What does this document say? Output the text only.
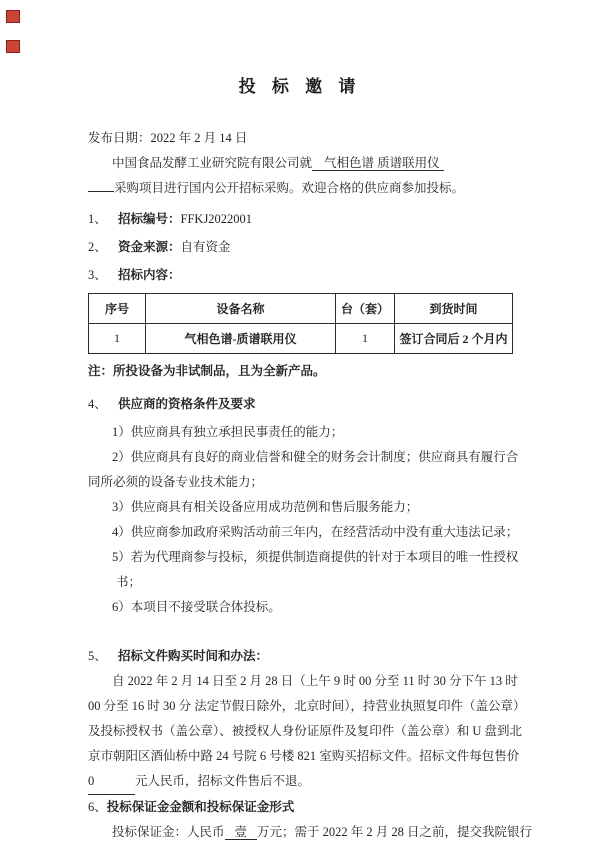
投 标 邀 请
发布日期：2022 年 2 月 14 日
中国食品发酵工业研究院有限公司就 气相色谱 质谱联用仪
采购项目进行国内公开招标采购。欢迎合格的供应商参加投标。
1、 招标编号：FFKJ2022001
2、 资金来源：自有资金
3、 招标内容：
序号	设备名称	台（套）	到货时间
1	气相色谱-质谱联用仪	1	签订合同后 2 个月内
注：所投设备为非试制品，且为全新产品。
4、 供应商的资格条件及要求
1）供应商具有独立承担民事责任的能力；
2）供应商具有良好的商业信誉和健全的财务会计制度；供应商具有履行合
同所必须的设备专业技术能力；
3）供应商具有相关设备应用成功范例和售后服务能力；
4）供应商参加政府采购活动前三年内，在经营活动中没有重大违法记录；
5）若为代理商参与投标，须提供制造商提供的针对于本项目的唯一性授权
书；
6）本项目不接受联合体投标。
5、 招标文件购买时间和办法：
自 2022 年 2 月 14 日至 2 月 28 日（上午 9 时 00 分至 11 时 30 分下午 13 时
00 分至 16 时 30 分 法定节假日除外，北京时间），持营业执照复印件（盖公章）
及投标授权书（盖公章）、被授权人身份证原件及复印件（盖公章）和 U 盘到北
京市朝阳区酒仙桥中路 24 号院 6 号楼 821 室购买招标文件。招标文件每包售价
0	元人民币，招标文件售后不退。
6、投标保证金金额和投标保证金形式
投标保证金：人民币 壹 万元；需于 2022 年 2 月 28 日之前，提交我院银行
